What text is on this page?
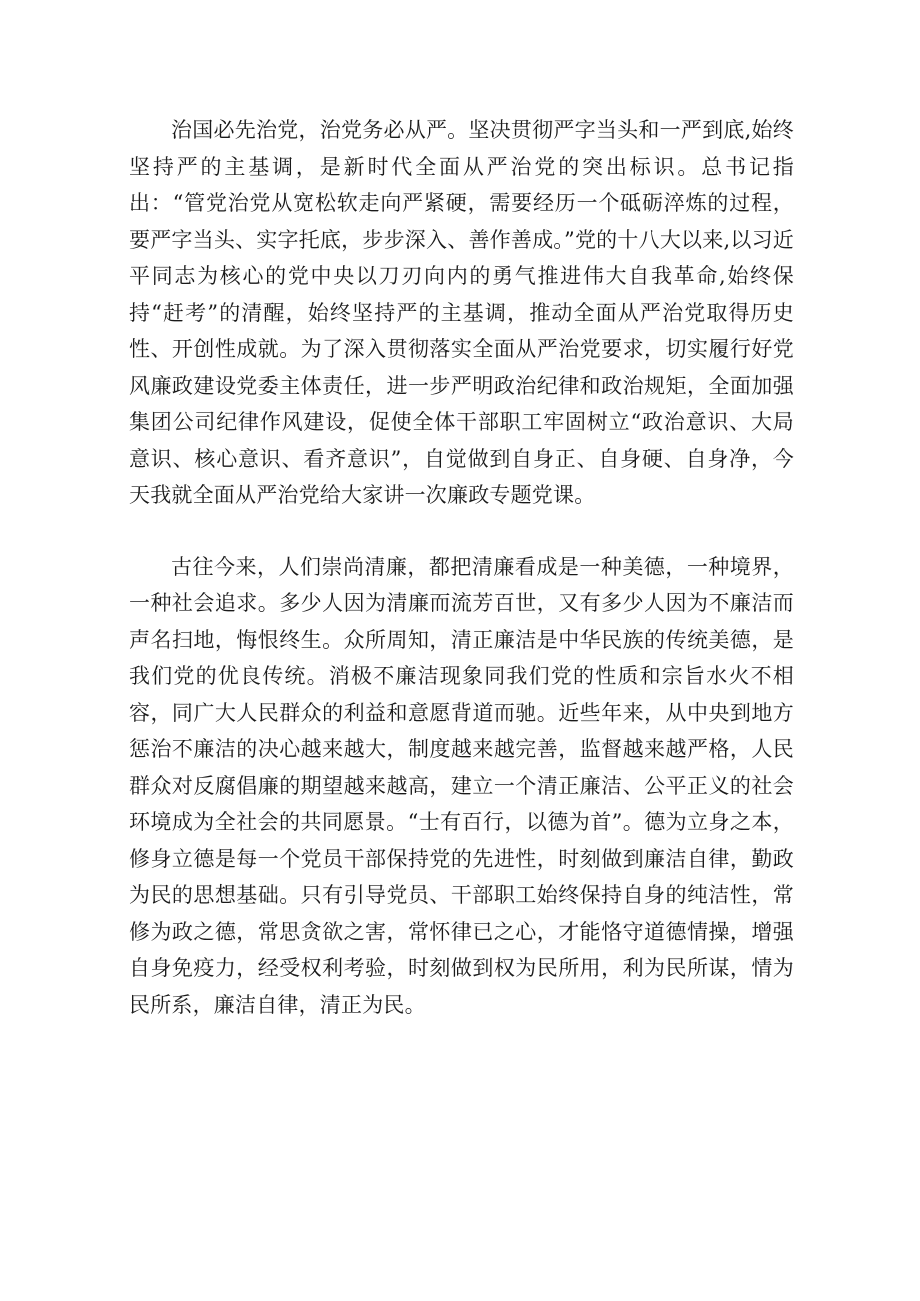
治国必先治党，治党务必从严。坚决贯彻严字当头和一严到底,始终坚持严的主基调，是新时代全面从严治党的突出标识。总书记指出：“管党治党从宽松软走向严紧硬，需要经历一个砥砺淬炼的过程，要严字当头、实字托底，步步深入、善作善成。”党的十八大以来,以习近平同志为核心的党中央以刀刃向内的勇气推进伟大自我革命,始终保持“赶考”的清醒，始终坚持严的主基调，推动全面从严治党取得历史性、开创性成就。为了深入贯彻落实全面从严治党要求，切实履行好党风廉政建设党委主体责任，进一步严明政治纪律和政治规矩，全面加强集团公司纪律作风建设，促使全体干部职工牢固树立“政治意识、大局意识、核心意识、看齐意识”，自觉做到自身正、自身硬、自身净，今天我就全面从严治党给大家讲一次廉政专题党课。

古往今来，人们崇尚清廉，都把清廉看成是一种美德，一种境界，一种社会追求。多少人因为清廉而流芳百世，又有多少人因为不廉洁而声名扫地，悔恨终生。众所周知，清正廉洁是中华民族的传统美德，是我们党的优良传统。消极不廉洁现象同我们党的性质和宗旨水火不相容，同广大人民群众的利益和意愿背道而驰。近些年来，从中央到地方惩治不廉洁的决心越来越大，制度越来越完善，监督越来越严格，人民群众对反腐倡廉的期望越来越高，建立一个清正廉洁、公平正义的社会环境成为全社会的共同愿景。“士有百行，以德为首”。德为立身之本，修身立德是每一个党员干部保持党的先进性，时刻做到廉洁自律，勤政为民的思想基础。只有引导党员、干部职工始终保持自身的纯洁性，常修为政之德，常思贪欲之害，常怀律已之心，才能恪守道德情操，增强自身免疫力，经受权利考验，时刻做到权为民所用，利为民所谋，情为民所系，廉洁自律，清正为民。
